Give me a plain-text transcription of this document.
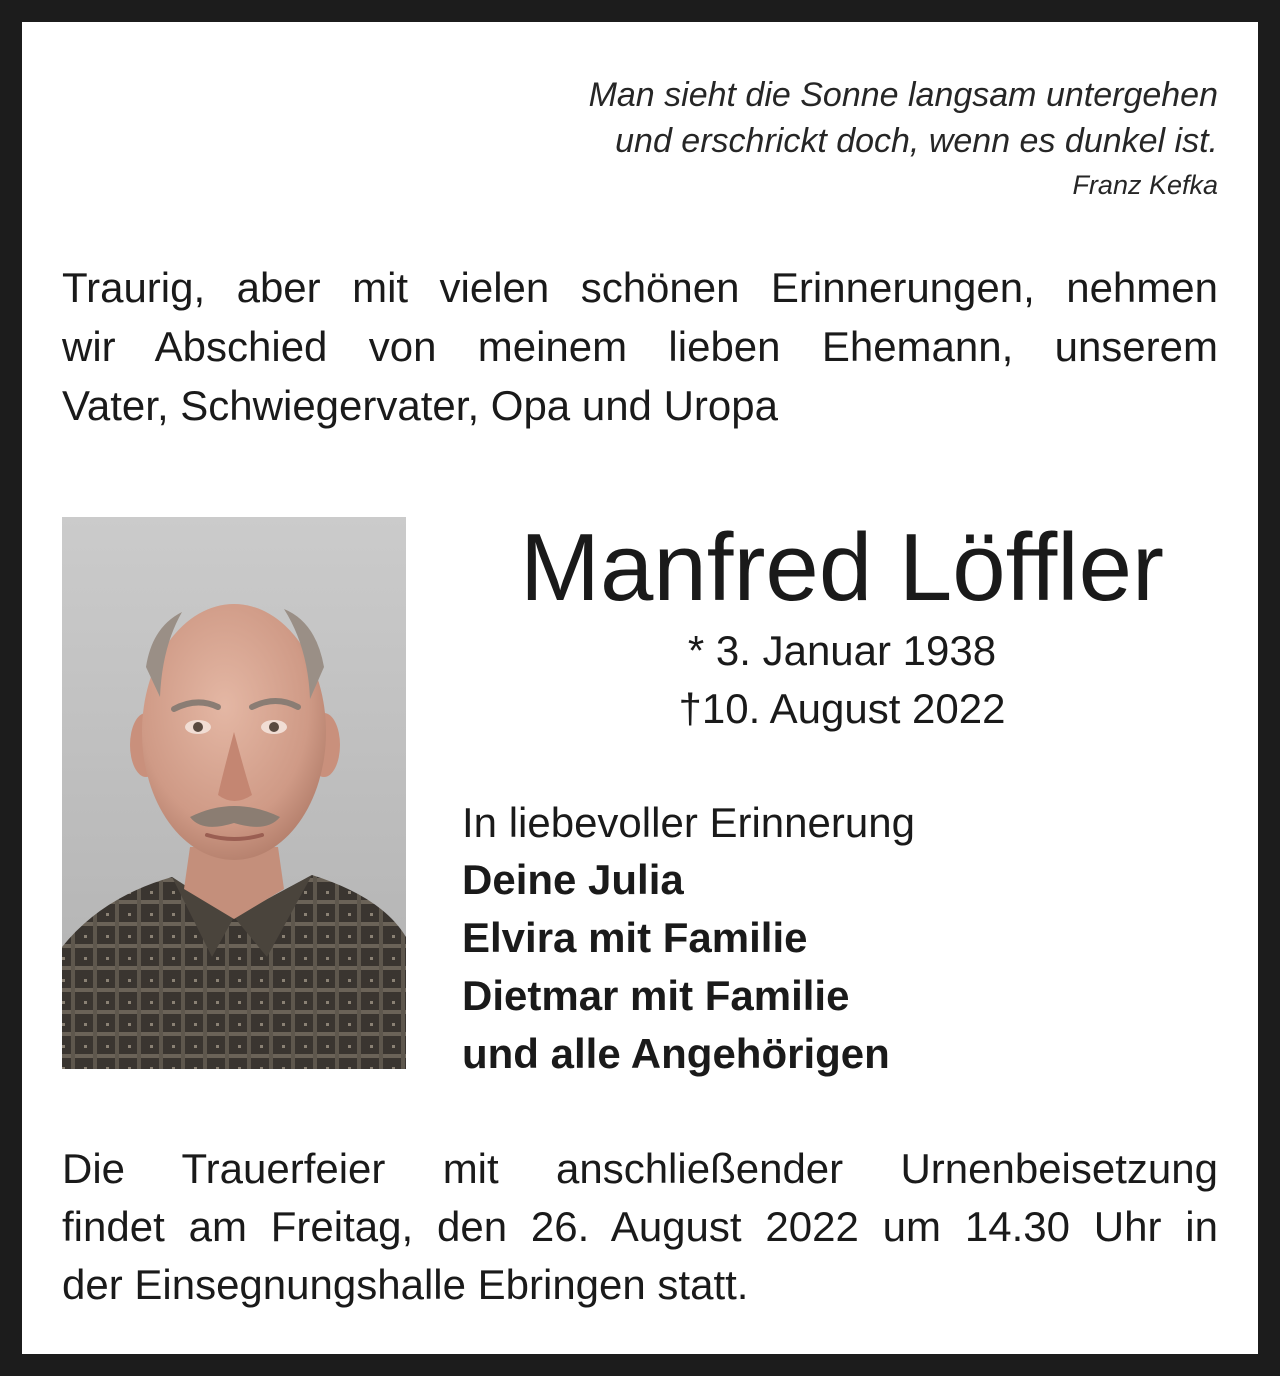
Man sieht die Sonne langsam untergehen
und erschrickt doch, wenn es dunkel ist.
Franz Kefka
Traurig, aber mit vielen schönen Erinnerungen, nehmen
wir Abschied von meinem lieben Ehemann, unserem
Vater, Schwiegervater, Opa und Uropa
Manfred Löffler
* 3. Januar 1938
†10. August 2022
In liebevoller Erinnerung
Deine Julia
Elvira mit Familie
Dietmar mit Familie
und alle Angehörigen
Die Trauerfeier mit anschließender Urnenbeisetzung
findet am Freitag, den 26. August 2022 um 14.30 Uhr in
der Einsegnungshalle Ebringen statt.
